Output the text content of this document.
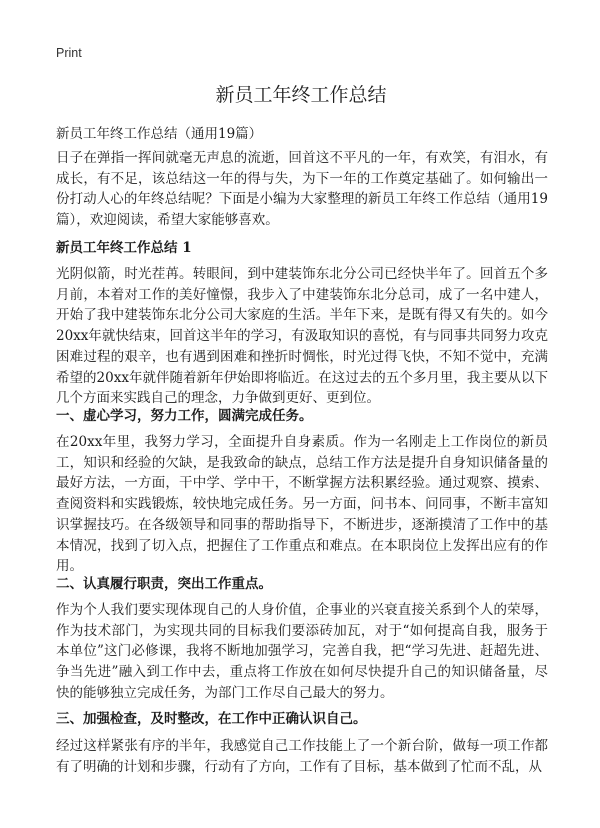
Print
新员工年终工作总结

新员工年终工作总结（通用19篇）

日子在弹指一挥间就毫无声息的流逝，回首这不平凡的一年，有欢笑，有泪水，有成长，有不足，该总结这一年的得与失，为下一年的工作奠定基础了。如何输出一份打动人心的年终总结呢？下面是小编为大家整理的新员工年终工作总结（通用19篇），欢迎阅读，希望大家能够喜欢。

新员工年终工作总结 1

光阴似箭，时光茬苒。转眼间，到中建装饰东北分公司已经快半年了。回首五个多月前，本着对工作的美好憧憬，我步入了中建装饰东北分总司，成了一名中建人，开始了我中建装饰东北分公司大家庭的生活。半年下来，是既有得又有失的。如今20xx年就快结束，回首这半年的学习，有汲取知识的喜悦，有与同事共同努力攻克困难过程的艰辛，也有遇到困难和挫折时惆怅，时光过得飞快，不知不觉中，充满希望的20xx年就伴随着新年伊始即将临近。在这过去的五个多月里，我主要从以下几个方面来实践自己的理念，力争做到更好、更到位。

一、虚心学习，努力工作，圆满完成任务。

在20xx年里，我努力学习，全面提升自身素质。作为一名刚走上工作岗位的新员工，知识和经验的欠缺，是我致命的缺点，总结工作方法是提升自身知识储备量的最好方法，一方面，干中学、学中干，不断掌握方法积累经验。通过观察、摸索、查阅资料和实践锻炼，较快地完成任务。另一方面，问书本、问同事，不断丰富知识掌握技巧。在各级领导和同事的帮助指导下，不断进步，逐渐摸清了工作中的基本情况，找到了切入点，把握住了工作重点和难点。在本职岗位上发挥出应有的作用。

二、认真履行职责，突出工作重点。

作为个人我们要实现体现自己的人身价值，企事业的兴衰直接关系到个人的荣辱，作为技术部门，为实现共同的目标我们要添砖加瓦，对于“如何提高自我，服务于本单位”这门必修课，我将不断地加强学习，完善自我，把“学习先进、赶超先进、争当先进”融入到工作中去，重点将工作放在如何尽快提升自己的知识储备量，尽快的能够独立完成任务，为部门工作尽自己最大的努力。

三、加强检查，及时整改，在工作中正确认识自己。

经过这样紧张有序的半年，我感觉自己工作技能上了一个新台阶，做每一项工作都有了明确的计划和步骤，行动有了方向，工作有了目标，基本做到了忙而不乱，从
